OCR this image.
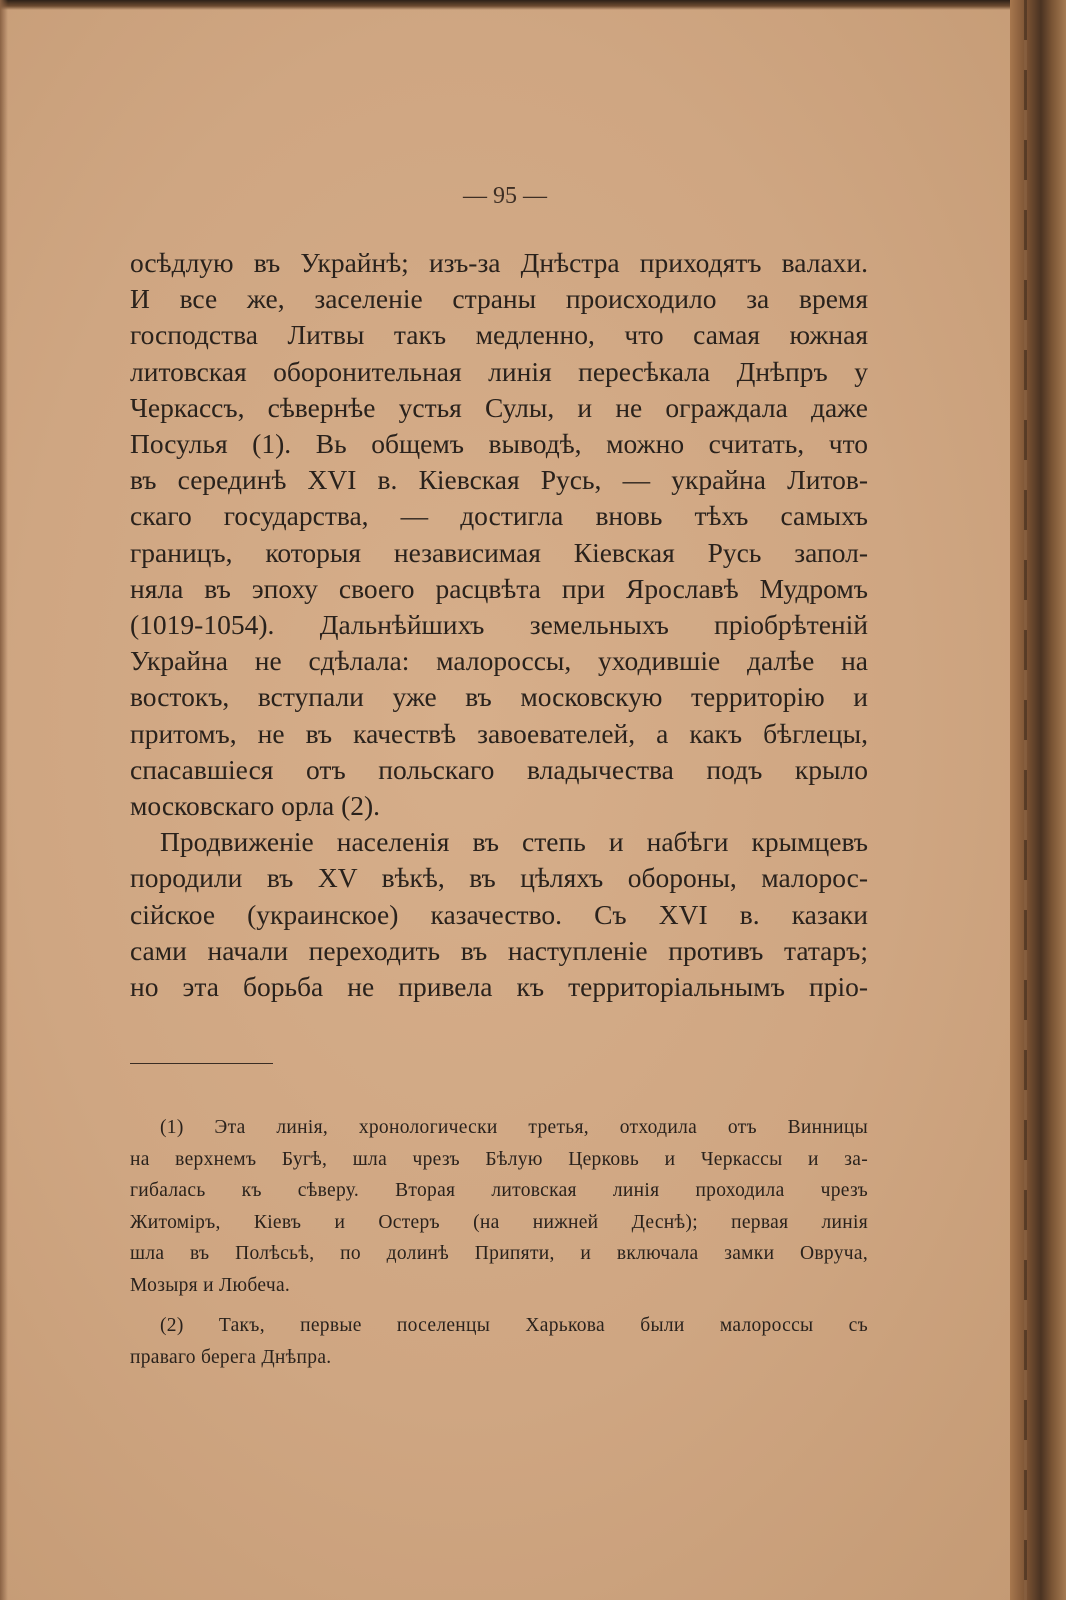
— 95 —
осѣдлую въ Украйнѣ; изъ-за Днѣстра приходятъ валахи.
И все же, заселенiе страны происходило за время
господства Литвы такъ медленно, что самая южная
литовская оборонительная линiя пересѣкала Днѣпръ у
Черкассъ, сѣвернѣе устья Сулы, и не ограждала даже
Посулья (1). Вь общемъ выводѣ, можно считать, что
въ серединѣ XVI в. Кiевская Русь, — украйна Литов-
скаго государства, — достигла вновь тѣхъ самыхъ
границъ, которыя независимая Кiевская Русь запол-
няла въ эпоху своего расцвѣта при Ярославѣ Мудромъ
(1019-1054). Дальнѣйшихъ земельныхъ прiобрѣтенiй
Украйна не сдѣлала: малороссы, уходившiе далѣе на
востокъ, вступали уже въ московскую территорiю и
притомъ, не въ качествѣ завоевателей, а какъ бѣглецы,
спасавшiеся отъ польскаго владычества подъ крыло
московскаго орла (2).
Продвиженiе населенiя въ степь и набѣги крымцевъ
породили въ XV вѣкѣ, въ цѣляхъ обороны, малорос-
сiйское (украинское) казачество. Съ XVI в. казаки
сами начали переходить въ наступленiе противъ татаръ;
но эта борьба не привела къ территорiальнымъ прiо-
(1) Эта линiя, хронологически третья, отходила отъ Винницы
на верхнемъ Бугѣ, шла чрезъ Бѣлую Церковь и Черкассы и за-
гибалась къ сѣверу. Вторая литовская линiя проходила чрезъ
Житомiръ, Кiевъ и Остеръ (на нижней Деснѣ); первая линiя
шла въ Полѣсьѣ, по долинѣ Припяти, и включала замки Овруча,
Мозыря и Любеча.
(2) Такъ, первые поселенцы Харькова были малороссы съ
праваго берега Днѣпра.
